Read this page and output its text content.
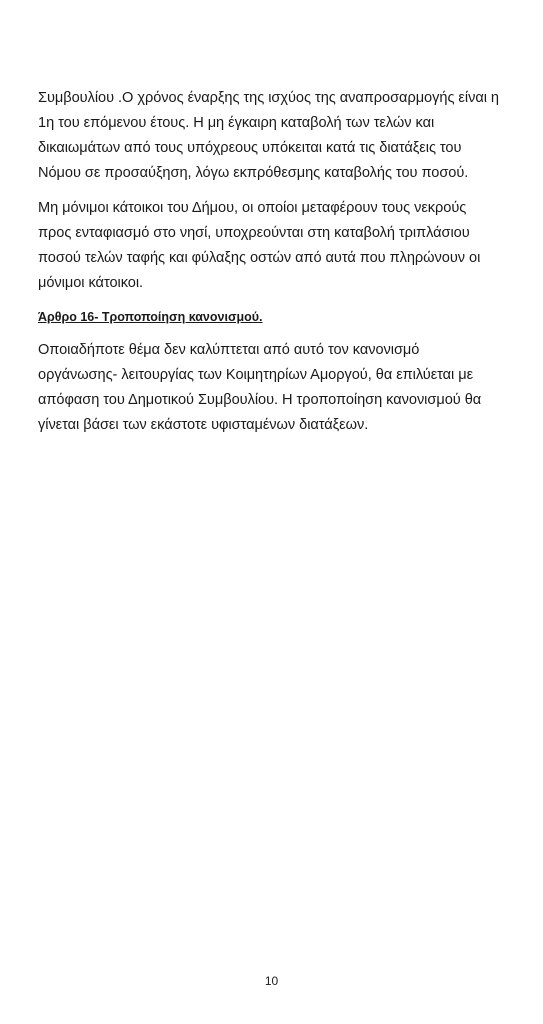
Συμβουλίου .Ο χρόνος έναρξης της ισχύος της αναπροσαρμογής είναι η
1η του επόμενου έτους. Η μη έγκαιρη καταβολή των τελών και
δικαιωμάτων από τους υπόχρεους υπόκειται κατά τις διατάξεις του
Νόμου σε προσαύξηση, λόγω εκπρόθεσμης καταβολής του ποσού.

Μη μόνιμοι κάτοικοι του Δήμου, οι οποίοι μεταφέρουν τους νεκρούς
προς ενταφιασμό στο νησί, υποχρεούνται στη καταβολή τριπλάσιου
ποσού τελών ταφής και φύλαξης οστών από αυτά που πληρώνουν οι
μόνιμοι κάτοικοι.

Άρθρο 16- Τροποποίηση κανονισμού.

Οποιαδήποτε θέμα δεν καλύπτεται από αυτό τον κανονισμό
οργάνωσης- λειτουργίας των Κοιμητηρίων Αμοργού, θα επιλύεται με
απόφαση του Δημοτικού Συμβουλίου. Η τροποποίηση κανονισμού θα
γίνεται βάσει των εκάστοτε υφισταμένων διατάξεων.

10
